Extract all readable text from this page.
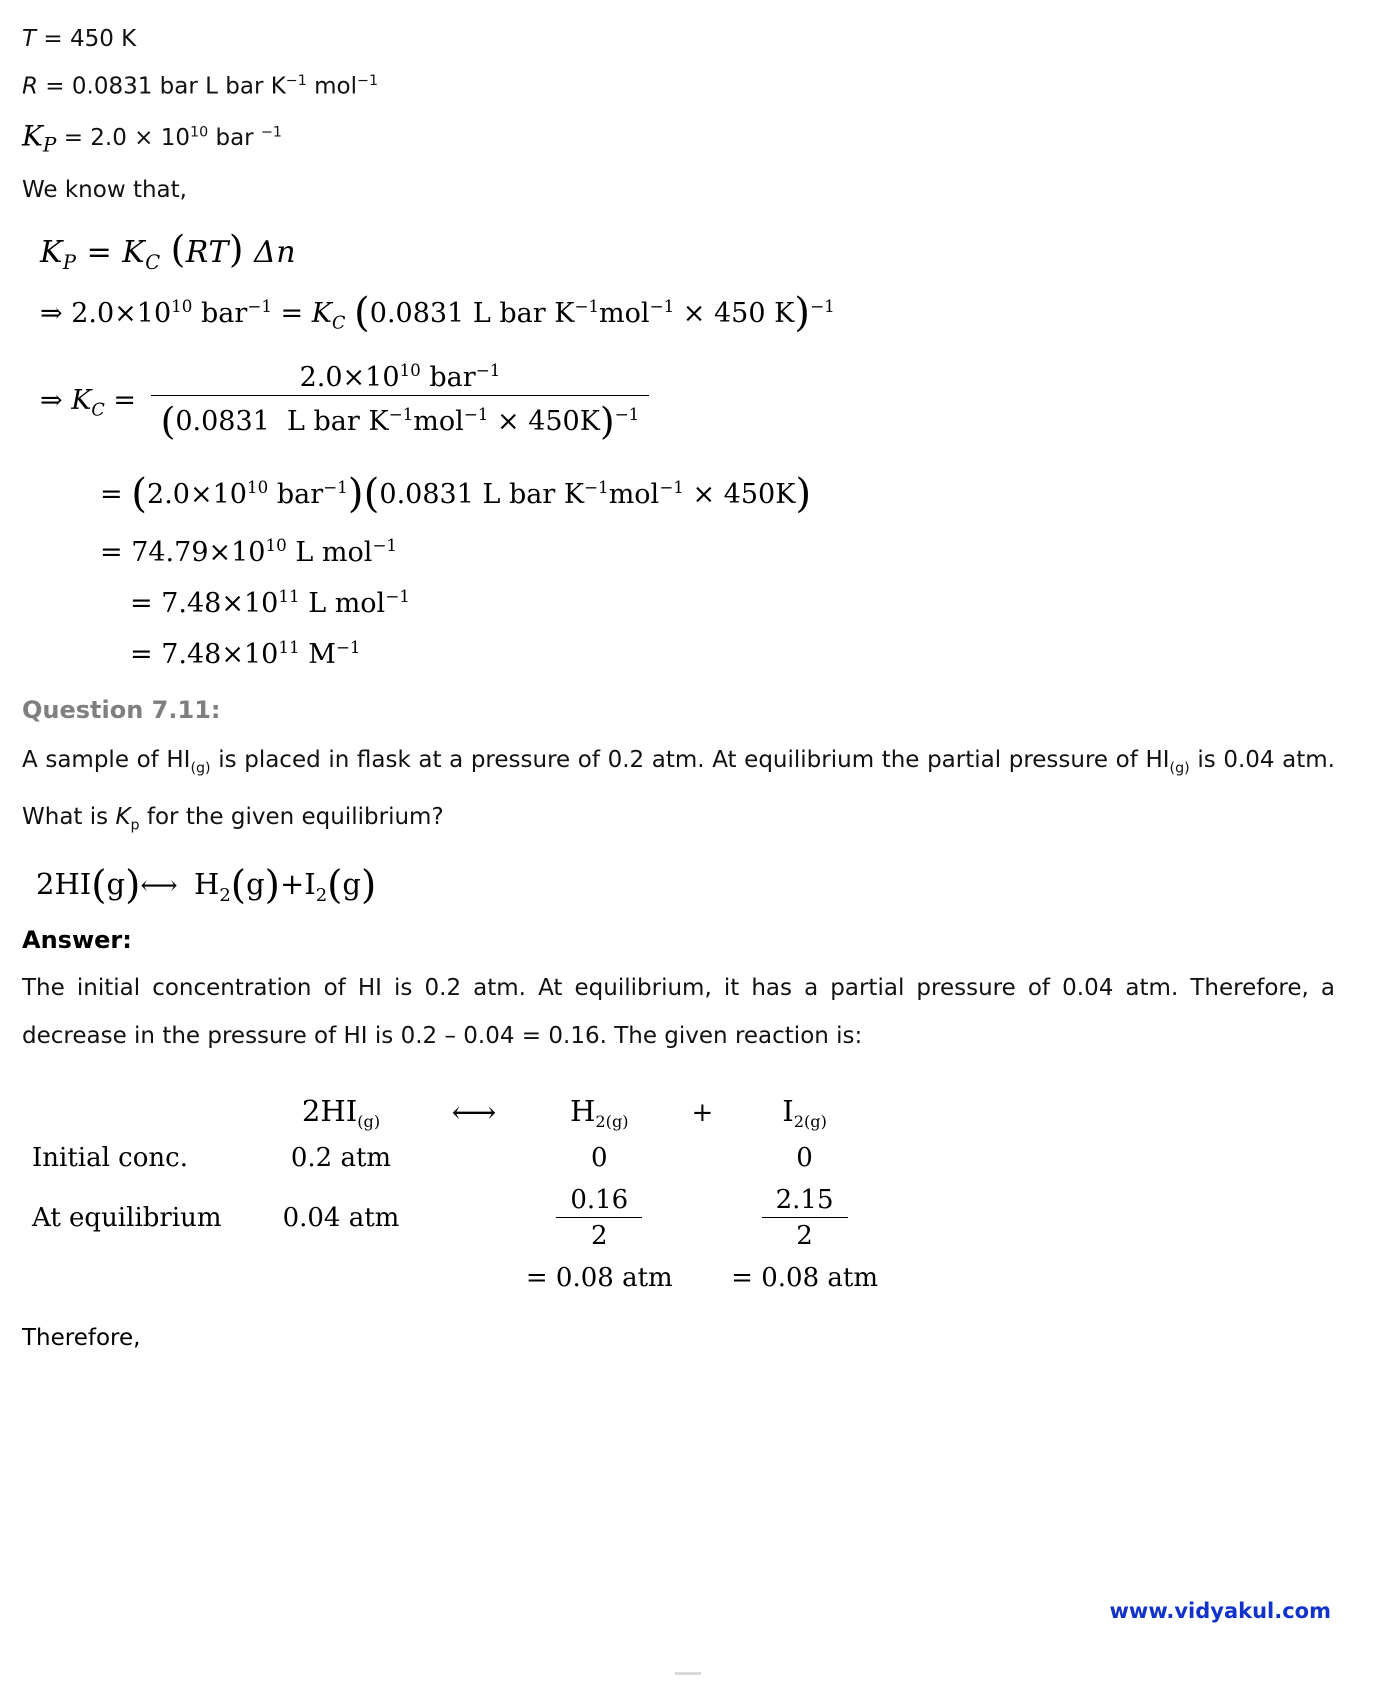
T = 450 K
R = 0.0831 bar L bar $K^{-1}$ mol$^{-1}$
KP = $2.0 \times 10^{10}$ bar $^{-1}$
We know that,
$K_P = K_C$ (RT) Δn
⇒ $2.0\times 10^{10}$ $bar^{-1} = K_C$ (0.0831 L bar $K^{-1}mol^{-1} \times 450$ K)$^{-1}$
⇒ $K_C = \frac{2.0\times 10^{10} bar^{-1}}{(0.0831 L bar K^{-1}mol^{-1} \times 450K)^{-1}}$
= ($2.0\times 10^{10}$ bar$^{-1}$)(0.0831 L bar $K^{-1}mol^{-1} \times 450K$)
= $74.79\times 10^{10}$ L mol$^{-1}$
= $7.48\times 10^{11}$ L mol$^{-1}$
= $7.48\times 10^{11}$ $M^{-1}$
Question 7.11:
A sample of $HI_{(g)}$ is placed in flask at a pressure of 0.2 atm. At equilibrium the partial pressure of $HI_{(g)}$ is 0.04 atm. What is $K_p$ for the given equilibrium?
2HI(g)⟷  $H_2(g)+I_2(g)$
Answer:
The initial concentration of HI is 0.2 atm. At equilibrium, it has a partial pressure of 0.04 atm. Therefore, a decrease in the pressure of HI is 0.2 – 0.04 = 0.16. The given reaction is:
	$2HI_{(g)}$	⟷	$H_{2(g)}$	+	$I_{2(g)}$
Initial conc.	0.2 atm		0		0
At equilibrium	0.04 atm		$\frac{0.16}{2}$		$\frac{2.15}{2}$

			= 0.08 atm		= 0.08 atm
Therefore,
www.vidyakul.com
